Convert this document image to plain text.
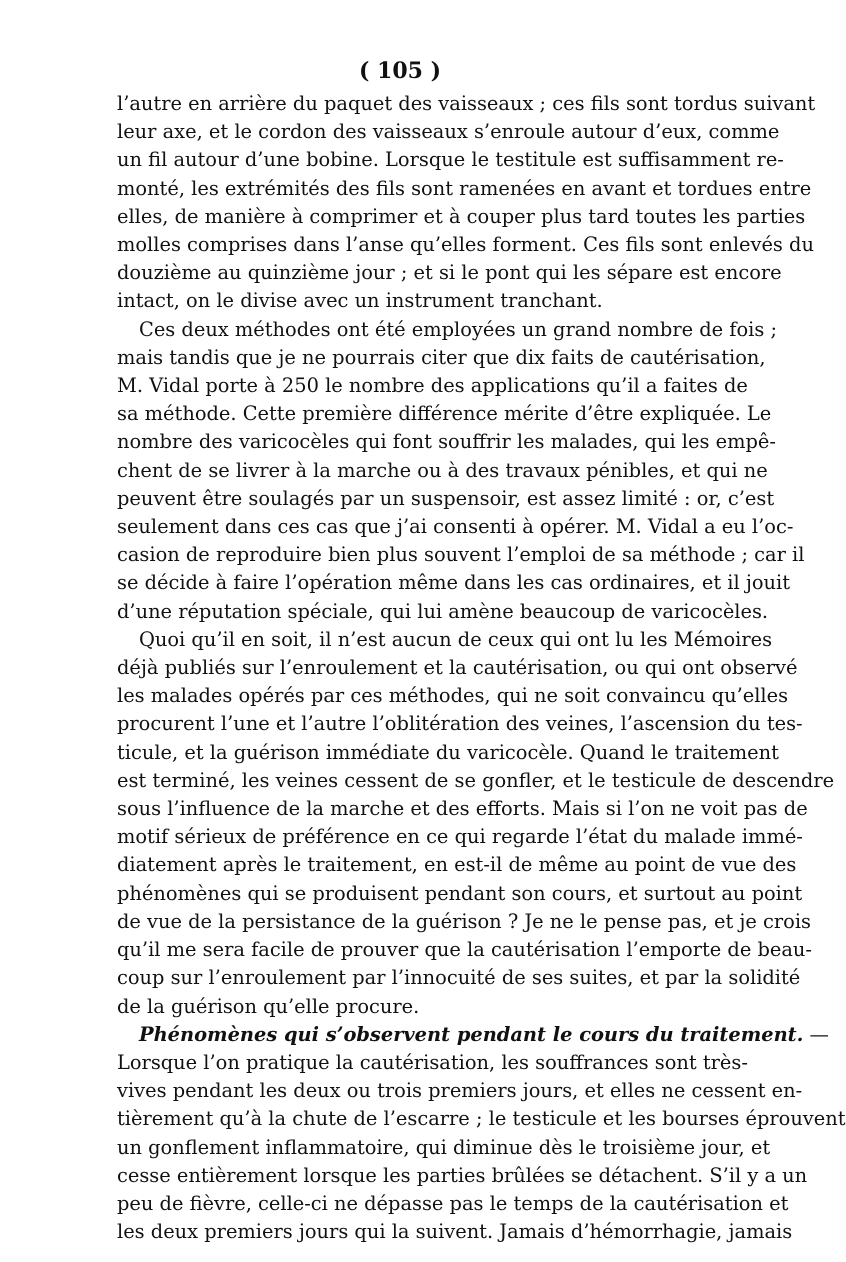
( 105 )
l’autre en arrière du paquet des vaisseaux ; ces fils sont tordus suivant
leur axe, et le cordon des vaisseaux s’enroule autour d’eux, comme
un fil autour d’une bobine. Lorsque le testitule est suffisamment re-
monté, les extrémités des fils sont ramenées en avant et tordues entre
elles, de manière à comprimer et à couper plus tard toutes les parties
molles comprises dans l’anse qu’elles forment. Ces fils sont enlevés du
douzième au quinzième jour ; et si le pont qui les sépare est encore
intact, on le divise avec un instrument tranchant.
Ces deux méthodes ont été employées un grand nombre de fois ;
mais tandis que je ne pourrais citer que dix faits de cautérisation,
M. Vidal porte à 250 le nombre des applications qu’il a faites de
sa méthode. Cette première différence mérite d’être expliquée. Le
nombre des varicocèles qui font souffrir les malades, qui les empê-
chent de se livrer à la marche ou à des travaux pénibles, et qui ne
peuvent être soulagés par un suspensoir, est assez limité : or, c’est
seulement dans ces cas que j’ai consenti à opérer. M. Vidal a eu l’oc-
casion de reproduire bien plus souvent l’emploi de sa méthode ; car il
se décide à faire l’opération même dans les cas ordinaires, et il jouit
d’une réputation spéciale, qui lui amène beaucoup de varicocèles.
Quoi qu’il en soit, il n’est aucun de ceux qui ont lu les Mémoires
déjà publiés sur l’enroulement et la cautérisation, ou qui ont observé
les malades opérés par ces méthodes, qui ne soit convaincu qu’elles
procurent l’une et l’autre l’oblitération des veines, l’ascension du tes-
ticule, et la guérison immédiate du varicocèle. Quand le traitement
est terminé, les veines cessent de se gonfler, et le testicule de descendre
sous l’influence de la marche et des efforts. Mais si l’on ne voit pas de
motif sérieux de préférence en ce qui regarde l’état du malade immé-
diatement après le traitement, en est-il de même au point de vue des
phénomènes qui se produisent pendant son cours, et surtout au point
de vue de la persistance de la guérison ? Je ne le pense pas, et je crois
qu’il me sera facile de prouver que la cautérisation l’emporte de beau-
coup sur l’enroulement par l’innocuité de ses suites, et par la solidité
de la guérison qu’elle procure.
Phénomènes qui s’observent pendant le cours du traitement. —
Lorsque l’on pratique la cautérisation, les souffrances sont très-
vives pendant les deux ou trois premiers jours, et elles ne cessent en-
tièrement qu’à la chute de l’escarre ; le testicule et les bourses éprouvent
un gonflement inflammatoire, qui diminue dès le troisième jour, et
cesse entièrement lorsque les parties brûlées se détachent. S’il y a un
peu de fièvre, celle-ci ne dépasse pas le temps de la cautérisation et
les deux premiers jours qui la suivent. Jamais d’hémorrhagie, jamais
